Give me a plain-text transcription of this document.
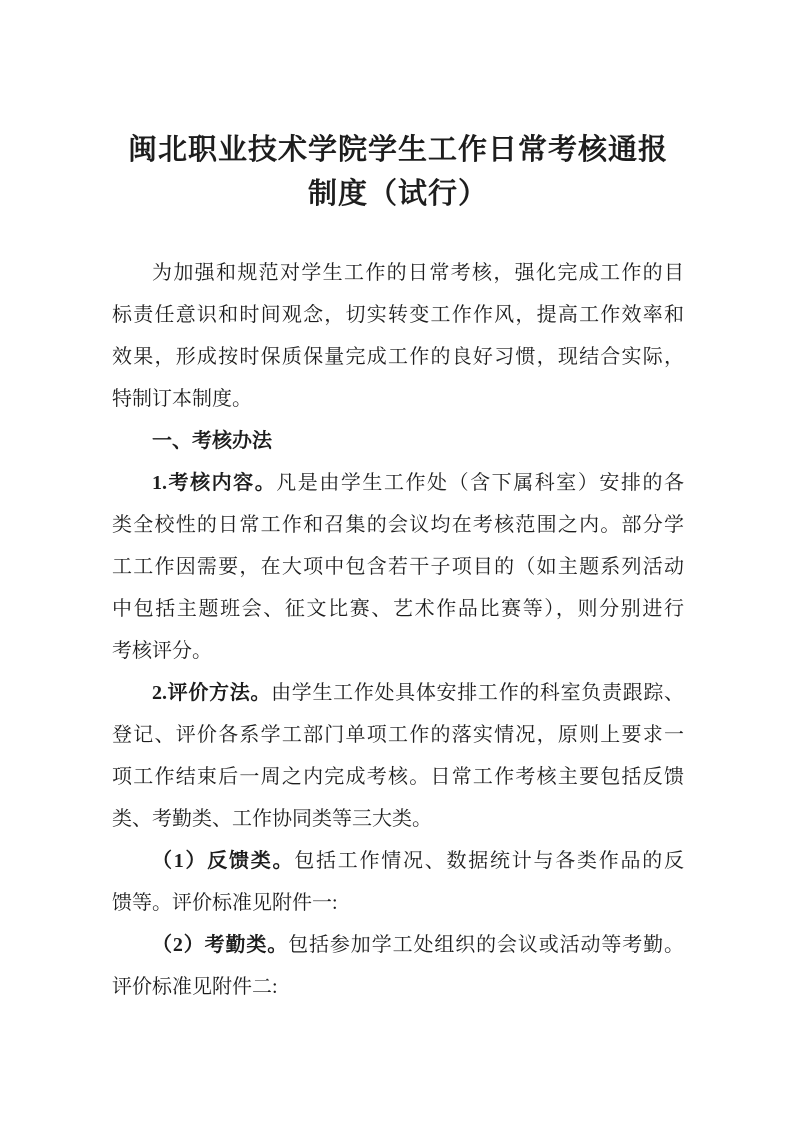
闽北职业技术学院学生工作日常考核通报
制度（试行）
为加强和规范对学生工作的日常考核，强化完成工作的目
标责任意识和时间观念，切实转变工作作风，提高工作效率和
效果，形成按时保质保量完成工作的良好习惯，现结合实际，
特制订本制度。
一、考核办法
1.考核内容。凡是由学生工作处（含下属科室）安排的各
类全校性的日常工作和召集的会议均在考核范围之内。部分学
工工作因需要，在大项中包含若干子项目的（如主题系列活动
中包括主题班会、征文比赛、艺术作品比赛等），则分别进行
考核评分。
2.评价方法。由学生工作处具体安排工作的科室负责跟踪、
登记、评价各系学工部门单项工作的落实情况，原则上要求一
项工作结束后一周之内完成考核。日常工作考核主要包括反馈
类、考勤类、工作协同类等三大类。
（1）反馈类。包括工作情况、数据统计与各类作品的反
馈等。评价标准见附件一:
（2）考勤类。包括参加学工处组织的会议或活动等考勤。
评价标准见附件二:
